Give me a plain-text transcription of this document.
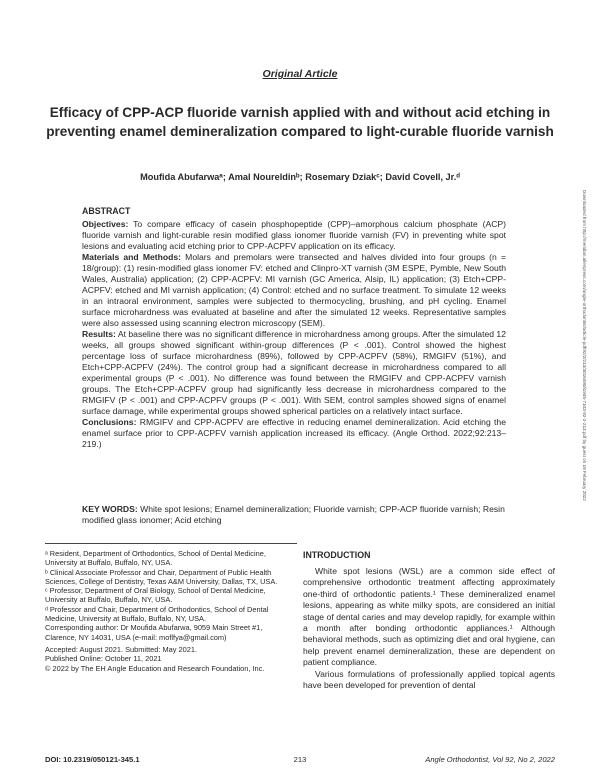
Original Article
Efficacy of CPP-ACP fluoride varnish applied with and without acid etching in preventing enamel demineralization compared to light-curable fluoride varnish
Moufida Abufarwaᵃ; Amal Noureldinᵇ; Rosemary Dziakᶜ; David Covell, Jr.ᵈ
ABSTRACT

Objectives: To compare efficacy of casein phosphopeptide (CPP)–amorphous calcium phosphate (ACP) fluoride varnish and light-curable resin modified glass ionomer fluoride varnish (FV) in preventing white spot lesions and evaluating acid etching prior to CPP-ACPFV application on its efficacy.

Materials and Methods: Molars and premolars were transected and halves divided into four groups (n = 18/group): (1) resin-modified glass ionomer FV: etched and Clinpro-XT varnish (3M ESPE, Pymble, New South Wales, Australia) application; (2) CPP-ACPFV: MI varnish (GC America, Alsip, IL) application; (3) Etch+CPP-ACPFV: etched and MI varnish application; (4) Control: etched and no surface treatment. To simulate 12 weeks in an intraoral environment, samples were subjected to thermocycling, brushing, and pH cycling. Enamel surface microhardness was evaluated at baseline and after the simulated 12 weeks. Representative samples were also assessed using scanning electron microscopy (SEM).

Results: At baseline there was no significant difference in microhardness among groups. After the simulated 12 weeks, all groups showed significant within-group differences (P < .001). Control showed the highest percentage loss of surface microhardness (89%), followed by CPP-ACPFV (58%), RMGIFV (51%), and Etch+CPP-ACPFV (24%). The control group had a significant decrease in microhardness compared to all experimental groups (P < .001). No difference was found between the RMGIFV and CPP-ACPFV varnish groups. The Etch+CPP-ACPFV group had significantly less decrease in microhardness compared to the RMGIFV (P < .001) and CPP-ACPFV groups (P < .001). With SEM, control samples showed signs of enamel surface damage, while experimental groups showed spherical particles on a relatively intact surface.

Conclusions: RMGIFV and CPP-ACPFV are effective in reducing enamel demineralization. Acid etching the enamel surface prior to CPP-ACPFV varnish application increased its efficacy. (Angle Orthod. 2022;92:213–219.)

KEY WORDS: White spot lesions; Enamel demineralization; Fluoride varnish; CPP-ACP fluoride varnish; Resin modified glass ionomer; Acid etching

ᵃ Resident, Department of Orthodontics, School of Dental Medicine, University at Buffalo, Buffalo, NY, USA.

ᵇ Clinical Associate Professor and Chair, Department of Public Health Sciences, College of Dentistry, Texas A&M University, Dallas, TX, USA.

ᶜ Professor, Department of Oral Biology, School of Dental Medicine, University at Buffalo, Buffalo, NY, USA.

ᵈ Professor and Chair, Department of Orthodontics, School of Dental Medicine, University at Buffalo, Buffalo, NY, USA.

Corresponding author: Dr Moufida Abufarwa, 9059 Main Street #1, Clarence, NY 14031, USA (e-mail: moflfya@gmail.com)

Accepted: August 2021. Submitted: May 2021.

Published Online: October 11, 2021

© 2022 by The EH Angle Education and Research Foundation, Inc.

INTRODUCTION

White spot lesions (WSL) are a common side effect of comprehensive orthodontic treatment affecting approximately one-third of orthodontic patients.¹ These demineralized enamel lesions, appearing as white milky spots, are considered an initial stage of dental caries and may develop rapidly, for example within a month after bonding orthodontic appliances.¹ Although behavioral methods, such as optimizing diet and oral hygiene, can help prevent enamel demineralization, these are dependent on patient compliance.

Various formulations of professionally applied topical agents have been developed for prevention of dental

DOI: 10.2319/050121-345.1	213	Angle Orthodontist, Vol 92, No 2, 2022
Downloaded from http://meridian.allenpress.com/angle-orthodontist/article-pdf/92/2/213/3016490/i1945-7103-92-2-213.pdf by guest on 18 February 2022
